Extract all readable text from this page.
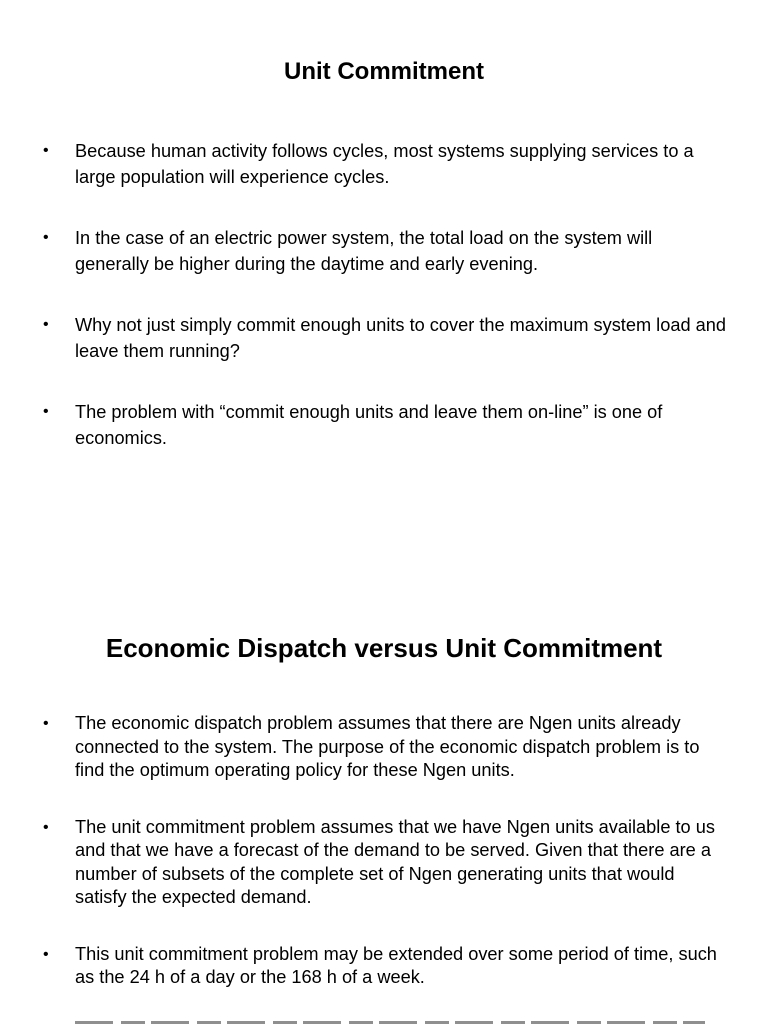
Unit Commitment
• Because human activity follows cycles, most systems supplying services to a large population will experience cycles.
• In the case of an electric power system, the total load on the system will generally be higher during the daytime and early evening.
• Why not just simply commit enough units to cover the maximum system load and leave them running?
• The problem with “commit enough units and leave them on-line” is one of economics.
Economic Dispatch versus Unit Commitment
• The economic dispatch problem assumes that there are Ngen units already connected to the system. The purpose of the economic dispatch problem is to find the optimum operating policy for these Ngen units.
• The unit commitment problem assumes that we have Ngen units available to us and that we have a forecast of the demand to be served. Given that there are a number of subsets of the complete set of Ngen generating units that would satisfy the expected demand.
• This unit commitment problem may be extended over some period of time, such as the 24 h of a day or the 168 h of a week.
